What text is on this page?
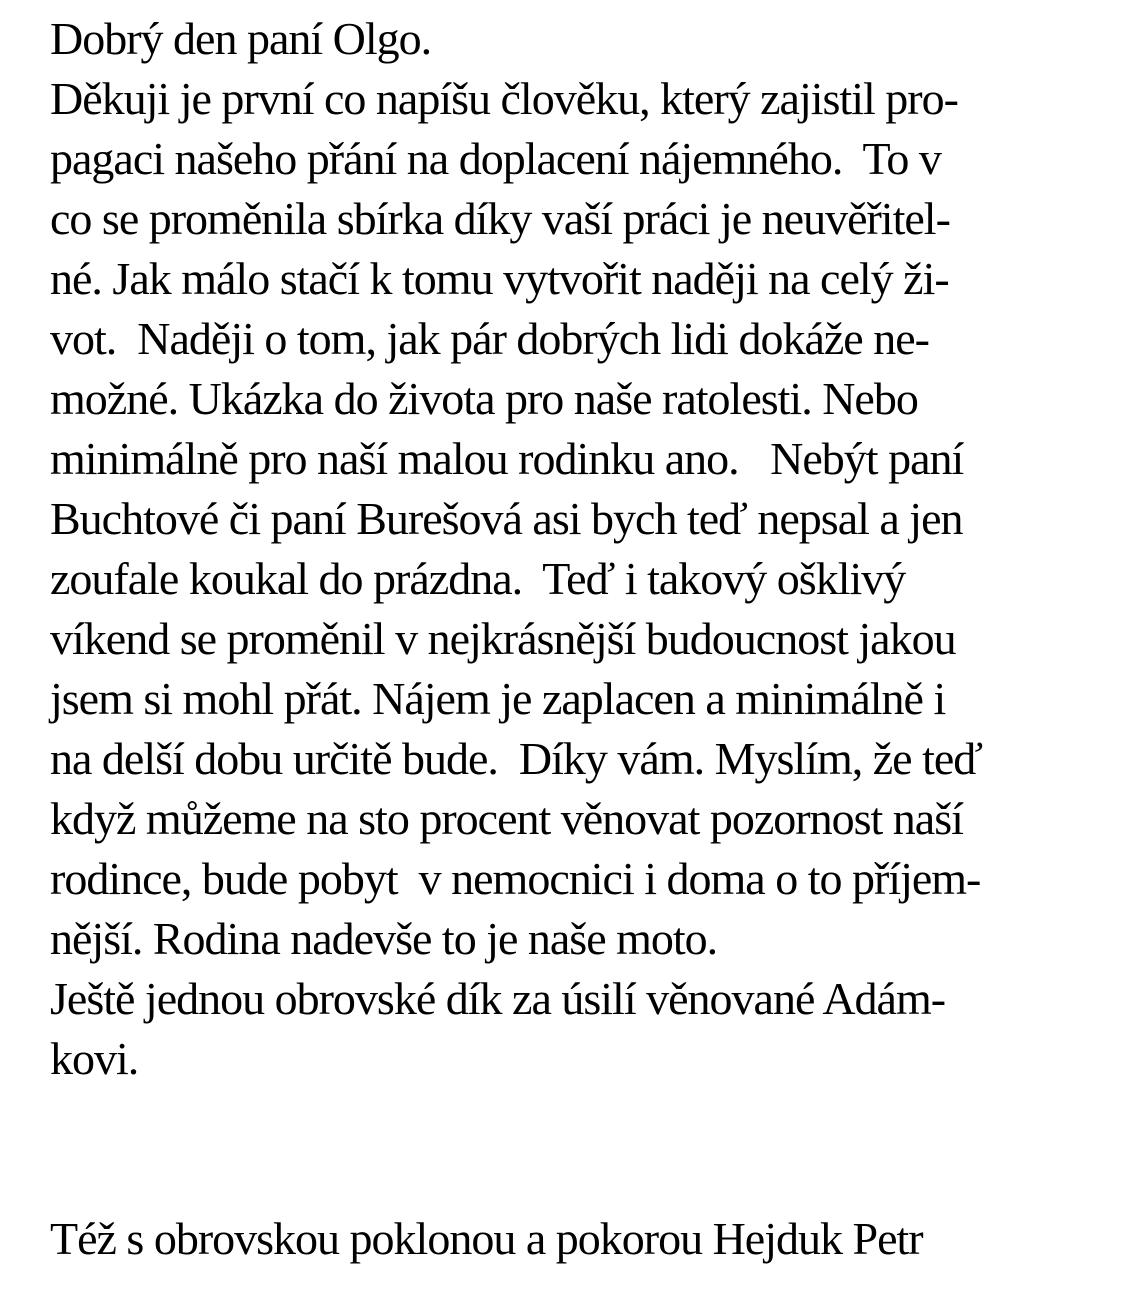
Dobrý den paní Olgo.
Děkuji je první co napíšu člověku, který zajistil pro-
pagaci našeho přání na doplacení nájemného.  To v
co se proměnila sbírka díky vaší práci je neuvěřitel-
né. Jak málo stačí k tomu vytvořit naději na celý ži-
vot.  Naději o tom, jak pár dobrých lidi dokáže ne-
možné. Ukázka do života pro naše ratolesti. Nebo
minimálně pro naší malou rodinku ano.   Nebýt paní
Buchtové či paní Burešová asi bych teď nepsal a jen
zoufale koukal do prázdna.  Teď i takový ošklivý
víkend se proměnil v nejkrásnější budoucnost jakou
jsem si mohl přát. Nájem je zaplacen a minimálně i
na delší dobu určitě bude.  Díky vám. Myslím, že teď
když můžeme na sto procent věnovat pozornost naší
rodince, bude pobyt  v nemocnici i doma o to příjem-
nější. Rodina nadevše to je naše moto.
Ještě jednou obrovské dík za úsilí věnované Adám-
kovi.
Též s obrovskou poklonou a pokorou Hejduk Petr
